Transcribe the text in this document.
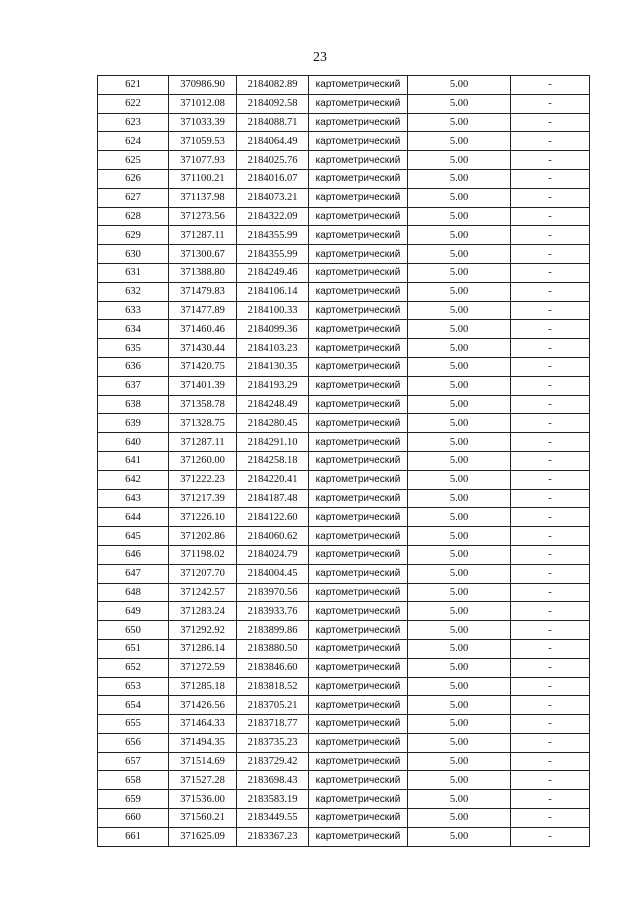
23
621	370986.90	2184082.89	картометрический	5.00	-
622	371012.08	2184092.58	картометрический	5.00	-
623	371033.39	2184088.71	картометрический	5.00	-
624	371059.53	2184064.49	картометрический	5.00	-
625	371077.93	2184025.76	картометрический	5.00	-
626	371100.21	2184016.07	картометрический	5.00	-
627	371137.98	2184073.21	картометрический	5.00	-
628	371273.56	2184322.09	картометрический	5.00	-
629	371287.11	2184355.99	картометрический	5.00	-
630	371300.67	2184355.99	картометрический	5.00	-
631	371388.80	2184249.46	картометрический	5.00	-
632	371479.83	2184106.14	картометрический	5.00	-
633	371477.89	2184100.33	картометрический	5.00	-
634	371460.46	2184099.36	картометрический	5.00	-
635	371430.44	2184103.23	картометрический	5.00	-
636	371420.75	2184130.35	картометрический	5.00	-
637	371401.39	2184193.29	картометрический	5.00	-
638	371358.78	2184248.49	картометрический	5.00	-
639	371328.75	2184280.45	картометрический	5.00	-
640	371287.11	2184291.10	картометрический	5.00	-
641	371260.00	2184258.18	картометрический	5.00	-
642	371222.23	2184220.41	картометрический	5.00	-
643	371217.39	2184187.48	картометрический	5.00	-
644	371226.10	2184122.60	картометрический	5.00	-
645	371202.86	2184060.62	картометрический	5.00	-
646	371198.02	2184024.79	картометрический	5.00	-
647	371207.70	2184004.45	картометрический	5.00	-
648	371242.57	2183970.56	картометрический	5.00	-
649	371283.24	2183933.76	картометрический	5.00	-
650	371292.92	2183899.86	картометрический	5.00	-
651	371286.14	2183880.50	картометрический	5.00	-
652	371272.59	2183846.60	картометрический	5.00	-
653	371285.18	2183818.52	картометрический	5.00	-
654	371426.56	2183705.21	картометрический	5.00	-
655	371464.33	2183718.77	картометрический	5.00	-
656	371494.35	2183735.23	картометрический	5.00	-
657	371514.69	2183729.42	картометрический	5.00	-
658	371527.28	2183698.43	картометрический	5.00	-
659	371536.00	2183583.19	картометрический	5.00	-
660	371560.21	2183449.55	картометрический	5.00	-
661	371625.09	2183367.23	картометрический	5.00	-
